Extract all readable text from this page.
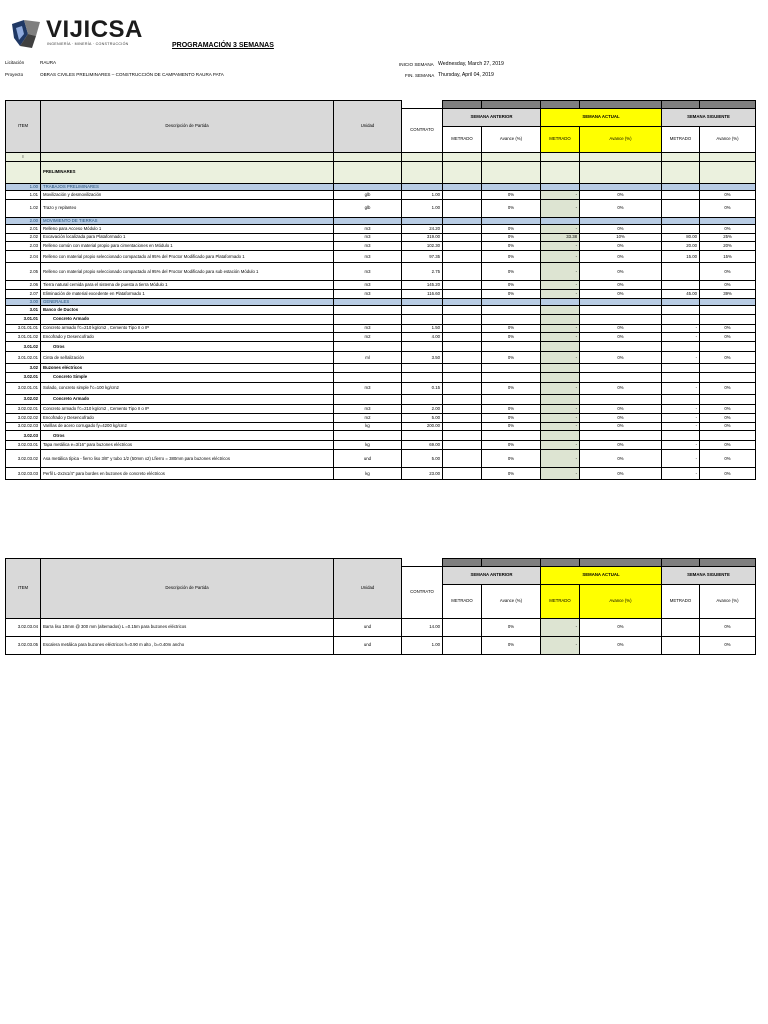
VIJICSA
INGENIERÍA · MINERÍA · CONSTRUCCIÓN	PROGRAMACIÓN 3 SEMANAS
Licitación	RAURA
Proyecto	OBRAS CIVILES PRELIMINARES – CONSTRUCCIÓN DE CAMPAMENTO RAURA PATA
INICIO SEMANA Wednesday, March 27, 2019
FIN. SEMANA Thursday, April 04, 2019
ITEM	Descripción de Partida	Unidad							
			CONTRATO	SEMANA ANTERIOR		SEMANA ACTUAL		SEMANA SIGUIENTE	
				METRADO	Avance (%)	METRADO	Avance (%)	METRADO	Avance (%)
I									
	PRELIMINARES								
1.00	TRABAJOS PRELIMINARES								
1.01	Movilización y desmovilización	glb	1.00		0%	-	0%		0%
1.02	Trazo y replanteo	glb	1.00		0%	-	0%		0%
2.00	MOVIMIENTO DE TIERRAS								
2.01	Relleno para Acceso Módulo 1	m3	24.20		0%	-	0%		0%
2.02	Excavación localizada para Plataformado 1	m3	319.00		0%	33.38	10%	80.00	25%
2.03	Relleno común con material propio para cimentaciones en Módulo 1	m3	102.30		0%	-	0%	20.00	20%
2.04	Relleno con material propio seleccionado compactado al 95% del Proctor Modificado para Plataformado 1	m3	97.35		0%	-	0%	15.00	15%
2.05	Relleno con material propio seleccionado compactado al 95% del Proctor Modificado para sub estación Módulo 1	m3	2.75		0%	-	0%		0%
2.06	Tierra natural cernida para el sistema de puesta a tierra Módulo 1	m3	145.20		0%	-	0%		0%
2.07	Eliminación de material excedente en Plataformado 1	m3	116.60		0%	-	0%	45.00	39%
3.00	GENERALES								
3.01	Banco de Ductos								
3.01.01	Concreto Armado								
3.01.01.01	Concreto armado f'c=210 kg/cm2 , Cemento Tipo II o IP	m3	1.50		0%	-	0%	-	0%
3.01.01.02	Encofrado y Desencofrado	m2	4.00		0%	-	0%	-	0%
3.01.02	Otros								
3.01.02.01	Cinta de señalización	ml	3.50		0%	-	0%	-	0%
3.02	Buzones eléctricos								
3.02.01	Concreto Simple								
3.02.01.01	Solado, concreto simple f'c=100 kg/cm2	m3	0.15		0%	-	0%	-	0%
3.02.02	Concreto Armado								
3.02.02.01	Concreto armado f'c=210 kg/cm2 , Cemento Tipo II o IP	m3	2.00		0%	-	0%	-	0%
3.02.02.02	Encofrado y Desencofrado	m2	5.00		0%	-	0%	-	0%
3.02.02.03	Varillas de acero corrugado fy=4200 kg/cm2	kg	200.00		0%	-	0%	-	0%
3.02.03	Otros								
3.02.03.01	Tapa metálica e=3/16" para buzones eléctricos	kg	69.00		0%	-	0%	-	0%
3.02.03.02	Asa metálica típica - fierro liso 3/8" y tubo 1/2 (50mm x2) Lfierro = 380mm para buzones eléctricos	und	5.00		0%	-	0%	-	0%
3.02.03.03	Perfil L-2x2x1/4" para bordes en buzones de concreto eléctricos	kg	23.00		0%	-	0%	-	0%
ITEM	Descripción de Partida	Unidad							
			CONTRATO	SEMANA ANTERIOR		SEMANA ACTUAL		SEMANA SIGUIENTE	
				METRADO	Avance (%)	METRADO	Avance (%)	METRADO	Avance (%)
3.02.03.04	Barra liso 10mm @ 300 mm (alternados) L =0.15m para buzones eléctricos	und	14.00		0%	-	0%		0%
3.02.03.05	Escalera metálica para buzones eléctricos h=0.90 m alto , b=0.40m ancho	und	1.00		0%	-	0%		0%
